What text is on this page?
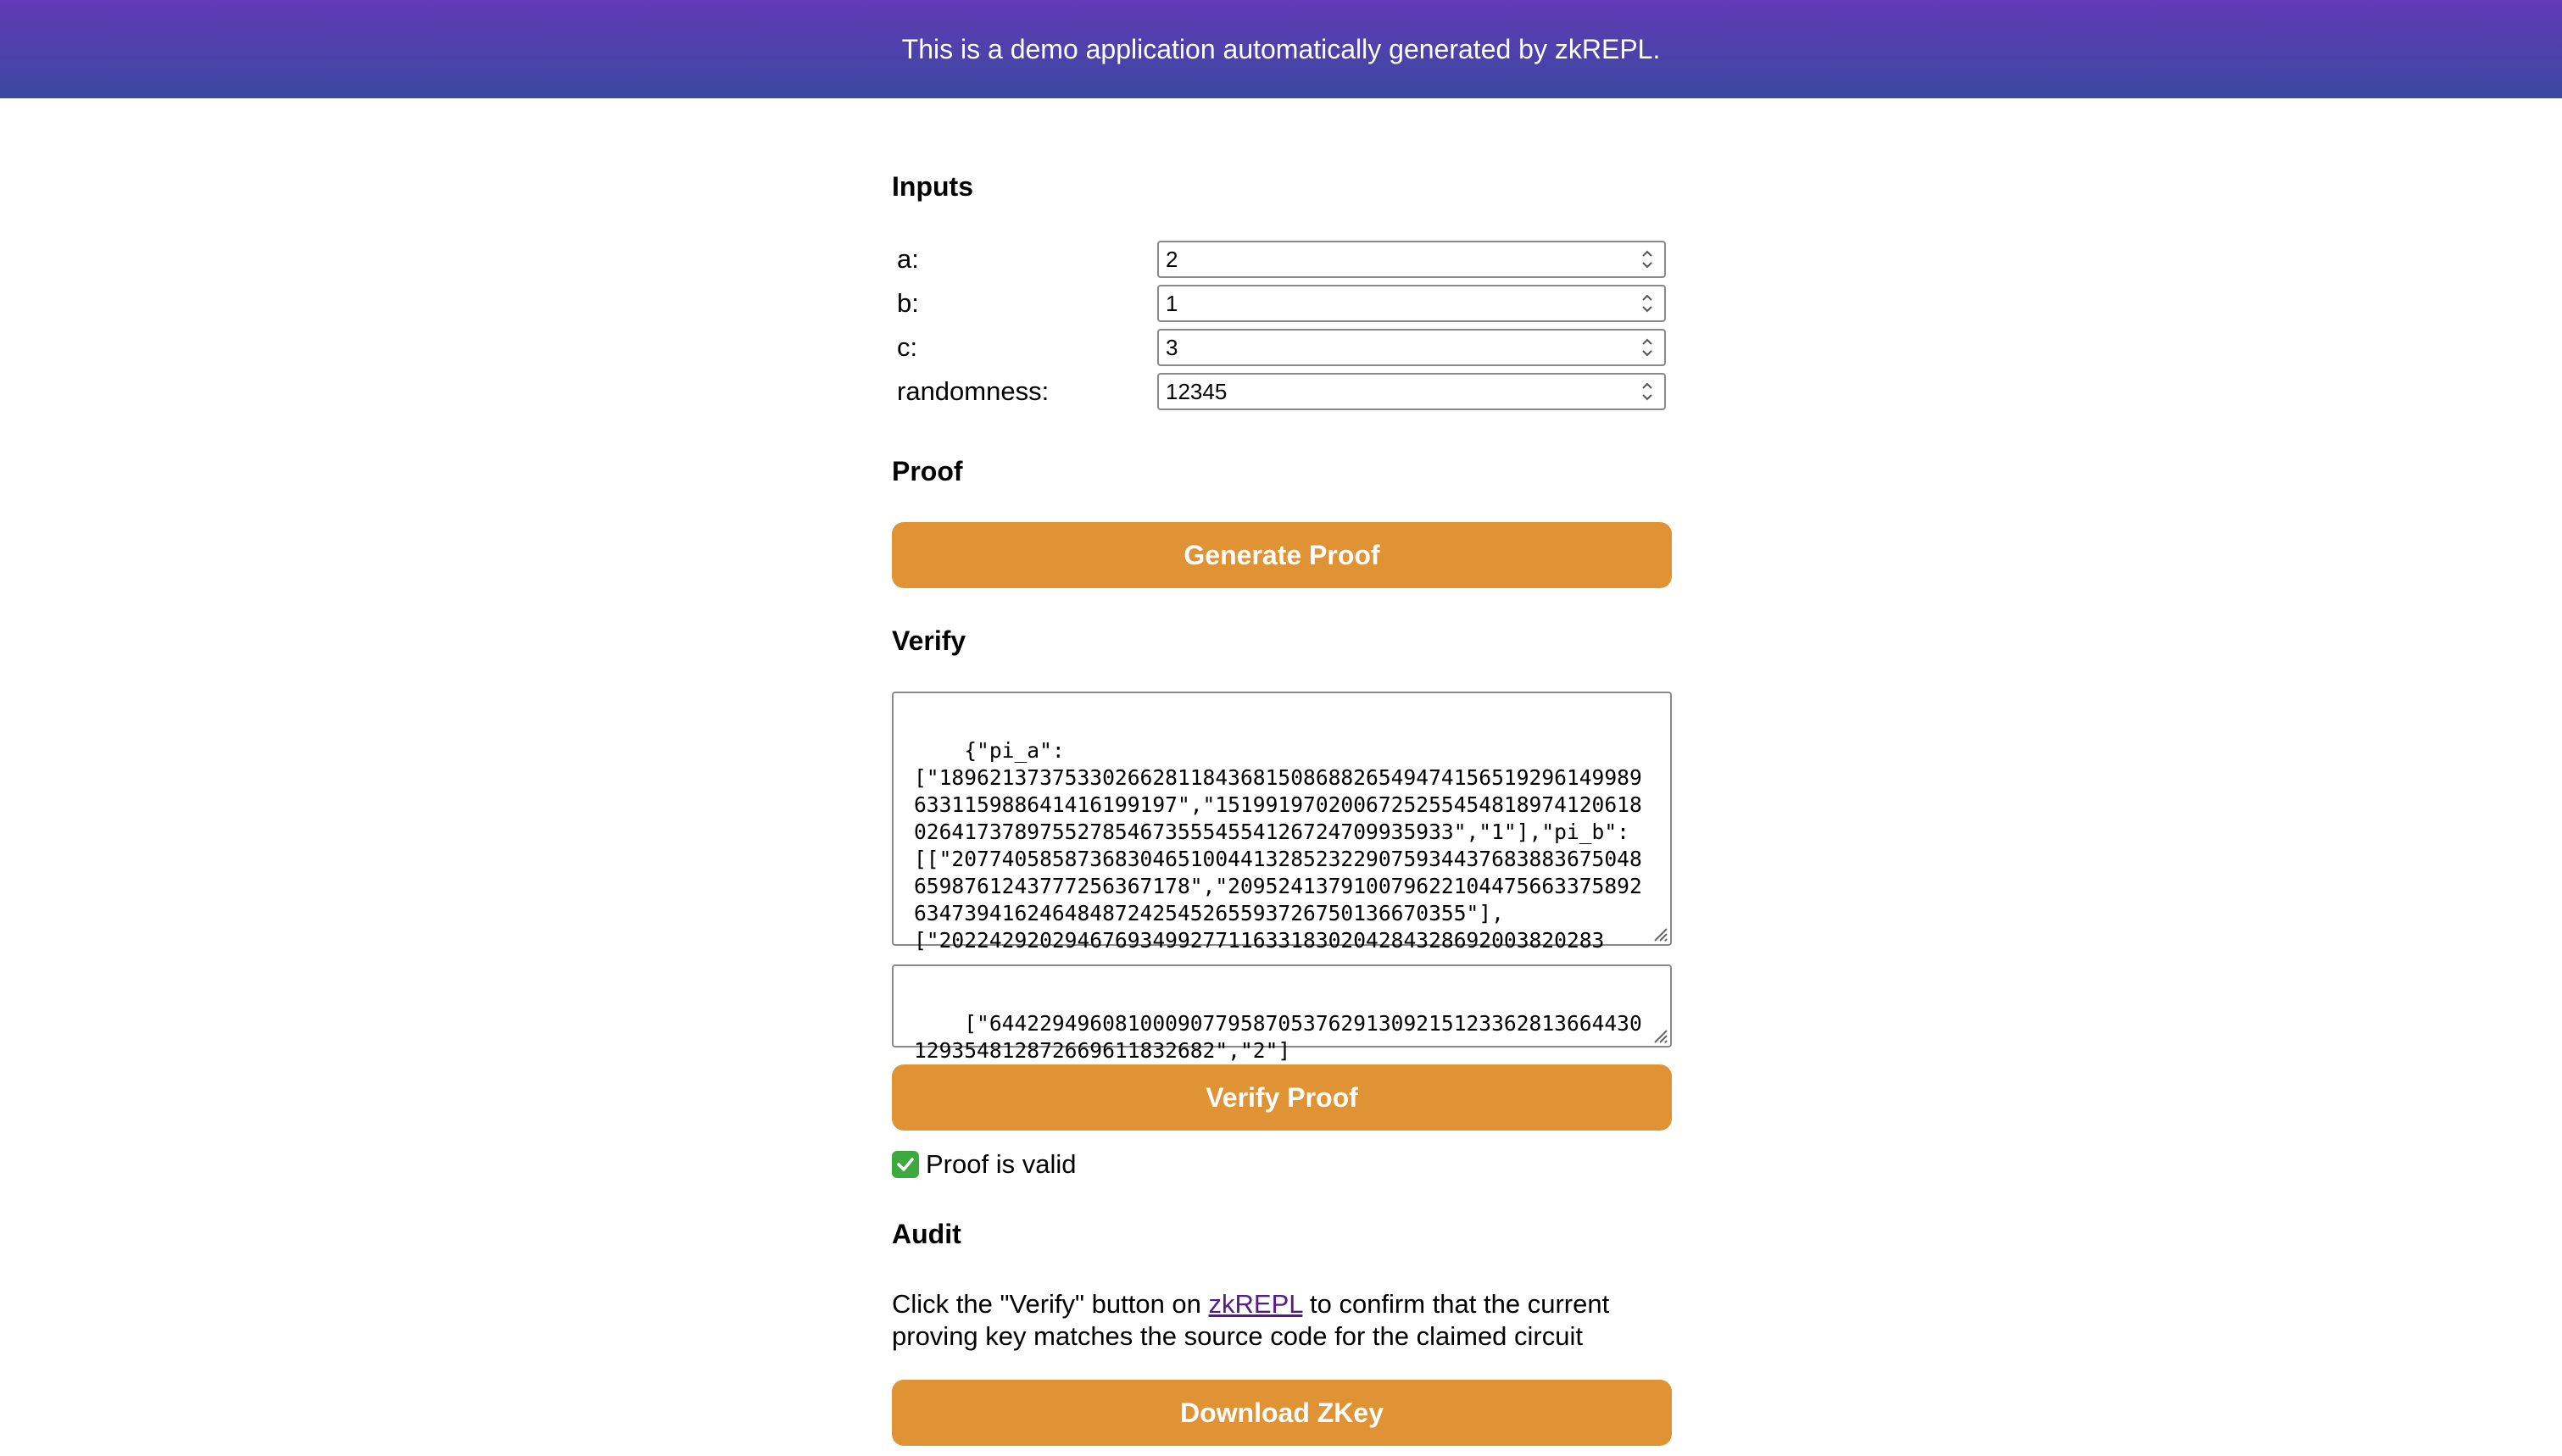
This is a demo application automatically generated by zkREPL.
Inputs
a:	2
b:	1
c:	3
randomness:	12345
Proof
Generate Proof
Verify

{"pi_a":
["18962137375330266281184368150868826549474156519296149989633115988641416199197","15199197020067252554548189741206180264173789755278546735554554126724709935933","1"],"pi_b":
[["20774058587368304651004413285232290759344376838836750486598761243777256367178","20952413791007962210447566337589263473941624648487242545265593726750136670355"],
["20224292029467693499277116331830204284328692003820283

["6442294960810009077958705376291309215123362813664430129354812872669611832682","2"]

Verify Proof
Proof is valid
Audit
Click the "Verify" button on zkREPL to confirm that the current proving key matches the source code for the claimed circuit
Download ZKey
